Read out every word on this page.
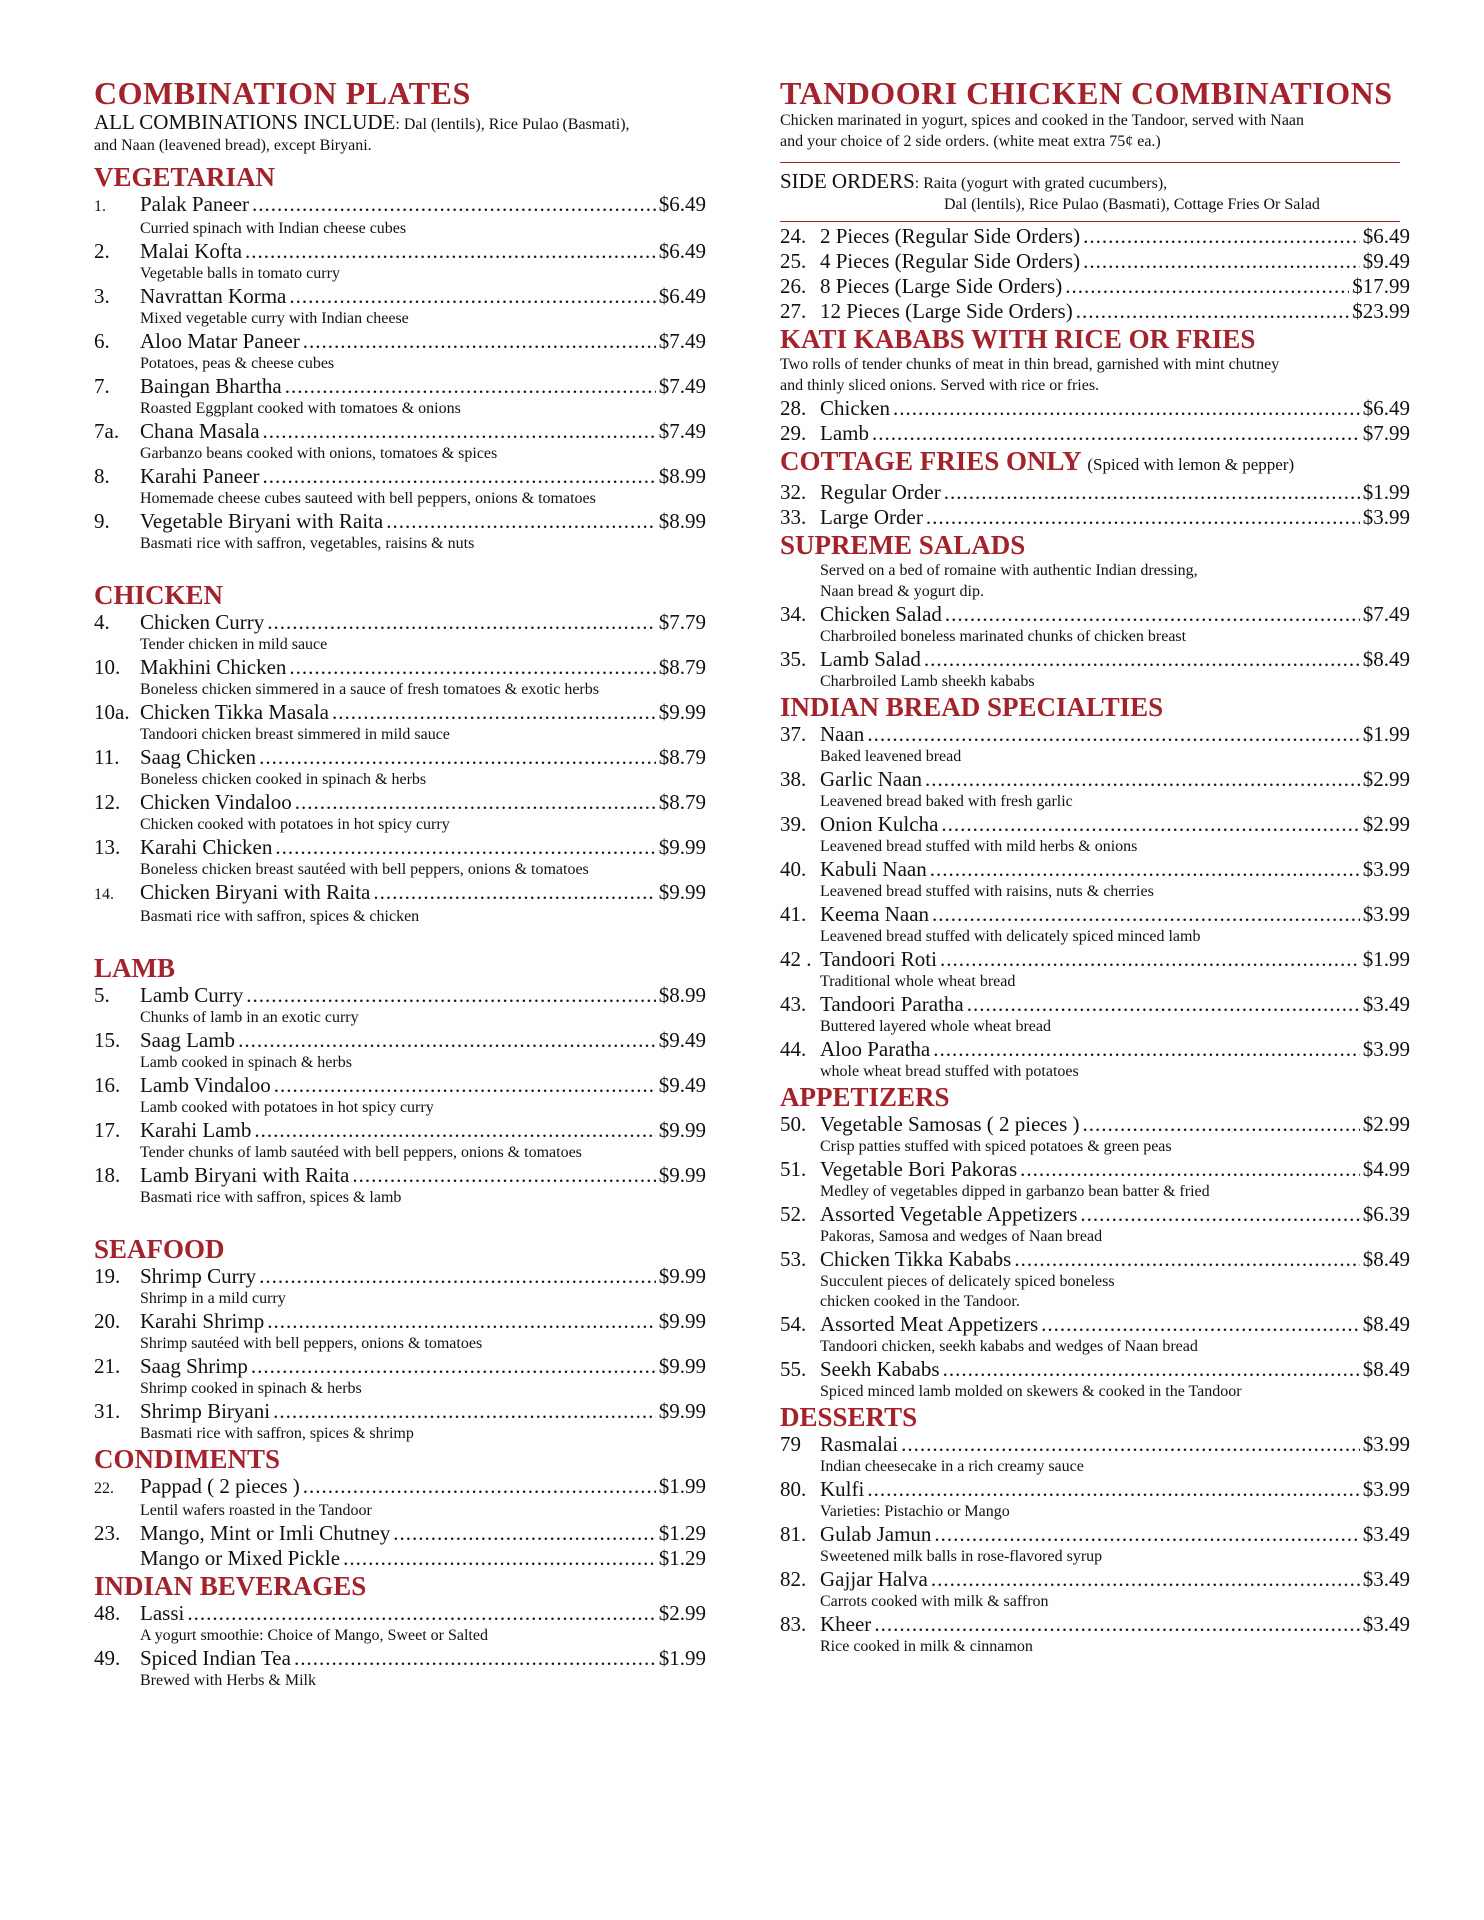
COMBINATION PLATES
ALL COMBINATIONS INCLUDE: Dal (lentils), Rice Pulao (Basmati),
and Naan (leavened bread), except Biryani.
VEGETARIAN
1.	Palak Paneer .....	$6.49
Curried spinach with Indian cheese cubes
2.	Malai Kofta .....	$6.49
Vegetable balls in tomato curry
3.	Navrattan Korma .....	$6.49
Mixed vegetable curry with Indian cheese
6.	Aloo Matar Paneer .....	$7.49
Potatoes, peas & cheese cubes
7.	Baingan Bhartha .....	$7.49
Roasted Eggplant cooked with tomatoes & onions
7a. Chana Masala .....	$7.49
Garbanzo beans cooked with onions, tomatoes & spices
8.	Karahi Paneer .....	$8.99
Homemade cheese cubes sauteed with bell peppers, onions & tomatoes
9.	Vegetable Biryani with Raita .....	$8.99
Basmati rice with saffron, vegetables, raisins & nuts
CHICKEN
4.	Chicken Curry .....	$7.79
Tender chicken in mild sauce
10. Makhini Chicken .....	$8.79
Boneless chicken simmered in a sauce of fresh tomatoes & exotic herbs
10a. Chicken Tikka Masala .....	$9.99
Tandoori chicken breast simmered in mild sauce
11. Saag Chicken .....	$8.79
Boneless chicken cooked in spinach & herbs
12. Chicken Vindaloo .....	$8.79
Chicken cooked with potatoes in hot spicy curry
13. Karahi Chicken .....	$9.99
Boneless chicken breast sautéed with bell peppers, onions & tomatoes
14.	Chicken Biryani with Raita .....	$9.99
Basmati rice with saffron, spices & chicken
LAMB
5.	Lamb Curry .....	$8.99
Chunks of lamb in an exotic curry
15. Saag Lamb .....	$9.49
Lamb cooked in spinach & herbs
16. Lamb Vindaloo .....	$9.49
Lamb cooked with potatoes in hot spicy curry
17. Karahi Lamb .....	$9.99
Tender chunks of lamb sautéed with bell peppers, onions & tomatoes
18. Lamb Biryani with Raita .....	$9.99
Basmati rice with saffron, spices & lamb
SEAFOOD
19. Shrimp Curry .....	$9.99
Shrimp in a mild curry
20. Karahi Shrimp .....	$9.99
Shrimp sautéed with bell peppers, onions & tomatoes
21. Saag Shrimp .....	$9.99
Shrimp cooked in spinach & herbs
31. Shrimp Biryani .....	$9.99
Basmati rice with saffron, spices & shrimp
CONDIMENTS
22.	Pappad ( 2 pieces ) .....	$1.99
Lentil wafers roasted in the Tandoor
23. Mango, Mint or Imli Chutney .....	$1.29
Mango or Mixed Pickle .....	$1.29
INDIAN BEVERAGES
48. Lassi .....	$2.99
A yogurt smoothie: Choice of Mango, Sweet or Salted
49. Spiced Indian Tea .....	$1.99
Brewed with Herbs & Milk
TANDOORI CHICKEN COMBINATIONS
Chicken marinated in yogurt, spices and cooked in the Tandoor, served with Naan
and your choice of 2 side orders. (white meat extra 75¢ ea.)
SIDE ORDERS: Raita (yogurt with grated cucumbers),
Dal (lentils), Rice Pulao (Basmati), Cottage Fries Or Salad
24. 2 Pieces (Regular Side Orders) .....	$6.49
25. 4 Pieces (Regular Side Orders) .....	$9.49
26. 8 Pieces (Large Side Orders) .....	$17.99
27. 12 Pieces (Large Side Orders) .....	$23.99
KATI KABABS WITH RICE OR FRIES
Two rolls of tender chunks of meat in thin bread, garnished with mint chutney
and thinly sliced onions. Served with rice or fries.
28. Chicken .....	$6.49
29. Lamb .....	$7.99
COTTAGE FRIES ONLY (Spiced with lemon & pepper)
32. Regular Order .....	$1.99
33. Large Order .....	$3.99
SUPREME SALADS
Served on a bed of romaine with authentic Indian dressing,
Naan bread & yogurt dip.
34. Chicken Salad .....	$7.49
Charbroiled boneless marinated chunks of chicken breast
35. Lamb Salad .....	$8.49
Charbroiled Lamb sheekh kababs
INDIAN BREAD SPECIALTIES
37. Naan .....	$1.99
Baked leavened bread
38. Garlic Naan .....	$2.99
Leavened bread baked with fresh garlic
39. Onion Kulcha .....	$2.99
Leavened bread stuffed with mild herbs & onions
40. Kabuli Naan .....	$3.99
Leavened bread stuffed with raisins, nuts & cherries
41. Keema Naan .....	$3.99
Leavened bread stuffed with delicately spiced minced lamb
42 . Tandoori Roti .....	$1.99
Traditional whole wheat bread
43. Tandoori Paratha .....	$3.49
Buttered layered whole wheat bread
44. Aloo Paratha .....	$3.99
whole wheat bread stuffed with potatoes
APPETIZERS
50. Vegetable Samosas ( 2 pieces ) .....	$2.99
Crisp patties stuffed with spiced potatoes & green peas
51. Vegetable Bori Pakoras .....	$4.99
Medley of vegetables dipped in garbanzo bean batter & fried
52. Assorted Vegetable Appetizers .....	$6.39
Pakoras, Samosa and wedges of Naan bread
53. Chicken Tikka Kababs .....	$8.49
Succulent pieces of delicately spiced boneless
chicken cooked in the Tandoor.
54. Assorted Meat Appetizers .....	$8.49
Tandoori chicken, seekh kababs and wedges of Naan bread
55. Seekh Kababs .....	$8.49
Spiced minced lamb molded on skewers & cooked in the Tandoor
DESSERTS
79 Rasmalai .....	$3.99
Indian cheesecake in a rich creamy sauce
80. Kulfi .....	$3.99
Varieties: Pistachio or Mango
81. Gulab Jamun .....	$3.49
Sweetened milk balls in rose-flavored syrup
82. Gajjar Halva .....	$3.49
Carrots cooked with milk & saffron
83. Kheer .....	$3.49
Rice cooked in milk & cinnamon
